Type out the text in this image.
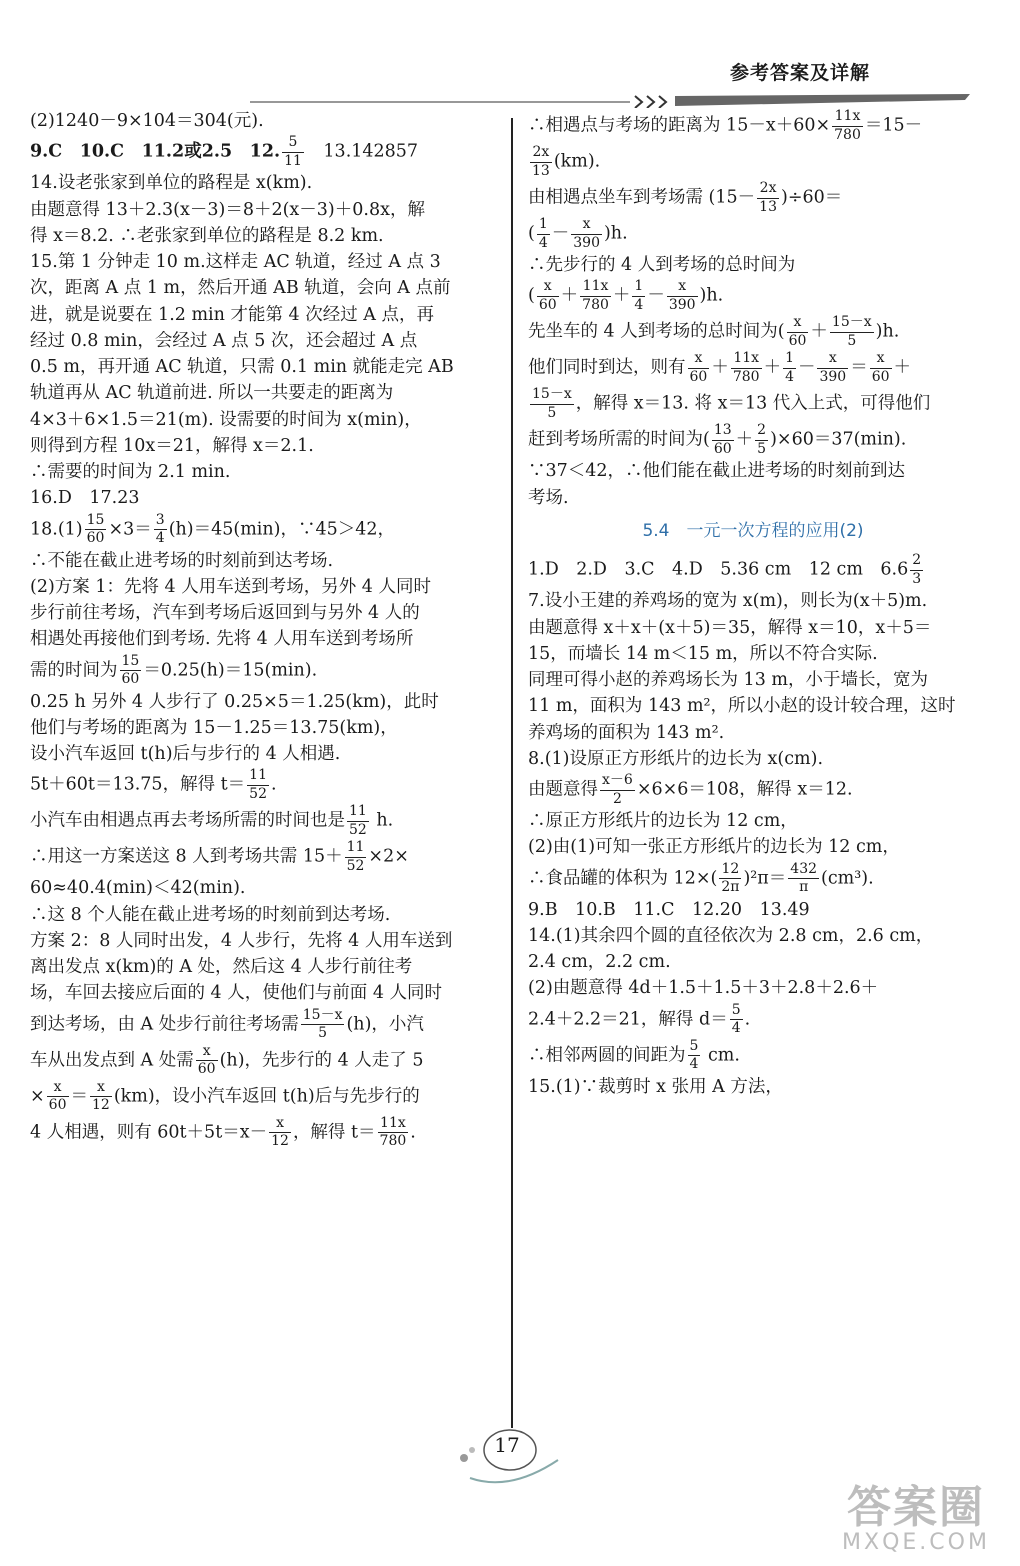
参考答案及详解
(2)1240－9×104＝304(元).
9.C　10.C　11.2或2.5　12. $\frac{5}{11}$ 　13.142857
14.设老张家到单位的路程是 x(km).
由题意得 13＋2.3(x－3)＝8＋2(x－3)＋0.8x，解
得 x＝8.2. ∴老张家到单位的路程是 8.2 km.
15.第 1 分钟走 10 m.这样走 AC 轨道，经过 A 点 3
次，距离 A 点 1 m，然后开通 AB 轨道，会向 A 点前
进，就是说要在 1.2 min 才能第 4 次经过 A 点，再
经过 0.8 min，会经过 A 点 5 次，还会超过 A 点
0.5 m，再开通 AC 轨道，只需 0.1 min 就能走完 AB
轨道再从 AC 轨道前进. 所以一共要走的距离为
4×3＋6×1.5＝21(m). 设需要的时间为 x(min)，
则得到方程 10x＝21，解得 x＝2.1.
∴需要的时间为 2.1 min.
16.D　17.23
$18.(1) \frac{15}{60} \times 3= \frac{3}{4} (h)=45(\min)$，∵45＞42，
∴不能在截止进考场的时刻前到达考场.
(2)方案 1：先将 4 人用车送到考场，另外 4 人同时
步行前往考场，汽车到考场后返回到与另外 4 人的
相遇处再接他们到考场. 先将 4 人用车送到考场所
需的时间为 $\frac{15}{60} =0.25(h)=15(\min)$.
0.25 h 另外 4 人步行了 0.25×5＝1.25(km)，此时
他们与考场的距离为 15－1.25＝13.75(km)，
设小汽车返回 t(h)后与步行的 4 人相遇.
5t＋60t＝13.75，解得 $t= \frac{11}{52}$ .
小汽车由相遇点再去考场所需的时间也是 $\frac{11}{52} h$.
∴用这一方案送这 8 人到考场共需 $15+ \frac{11}{52} \times 2\times$
60≈40.4(min)＜42(min).
∴这 8 个人能在截止进考场的时刻前到达考场.
方案 2：8 人同时出发，4 人步行，先将 4 人用车送到
离出发点 x(km)的 A 处，然后这 4 人步行前往考
场，车回去接应后面的 4 人，使他们与前面 4 人同时
到达考场，由 A 处步行前往考场需 $\frac{15-x}{5} (h)$，小汽
车从出发点到 A 处需 $\frac{x}{60} (h)$，先步行的 4 人走了 5
× $\frac{x}{60} = \frac{x}{12} (km)$，设小汽车返回 t(h)后与先步行的
4 人相遇，则有 $60t+5t=x- \frac{x}{12}$ ，解得 $t= \frac{11x}{780}$ .
∴相遇点与考场的距离为 $15-x+60\times \frac{11x}{780} =15-$
$\frac{2x}{13} (km)$.
由相遇点坐车到考场需 $(15- \frac{2x}{13} )\div 60=$
( $\frac{1}{4} - \frac{x}{390} )h$.
∴先步行的 4 人到考场的总时间为
( $\frac{x}{60} + \frac{11x}{780} + \frac{1}{4} - \frac{x}{390} )h$.
先坐车的 4 人到考场的总时间为( $\frac{x}{60} + \frac{15-x}{5} )h$.
他们同时到达，则有 $\frac{x}{60} + \frac{11x}{780} + \frac{1}{4} - \frac{x}{390} = \frac{x}{60}$ ＋
$\frac{15-x}{5}$ ，解得 x＝13. 将 x＝13 代入上式，可得他们
赶到考场所需的时间为( $\frac{13}{60} + \frac{2}{5} )\times 60=37(\min)$.
∵37＜42，∴他们能在截止进考场的时刻前到达
考场.
5.4　一元一次方程的应用(2)
1.D　2.D　3.C　4.D　5.36 cm　12 cm　$6.6 \frac{2}{3}$
7.设小王建的养鸡场的宽为 x(m)，则长为(x＋5)m.
由题意得 x＋x＋(x＋5)＝35，解得 x＝10，x＋5＝
15，而墙长 14 m＜15 m，所以不符合实际.
同理可得小赵的养鸡场长为 13 m，小于墙长，宽为
11 m，面积为 143 m²，所以小赵的设计较合理，这时
养鸡场的面积为 143 m².
8.(1)设原正方形纸片的边长为 x(cm).
由题意得 $\frac{x-6}{2} \times 6\times 6=108$，解得 x＝12.
∴原正方形纸片的边长为 12 cm，
(2)由(1)可知一张正方形纸片的边长为 12 cm，
∴食品罐的体积为 $12\times( \frac{12}{2\pi} )^2\pi= \frac{432}{\pi} (cm^3)$.
9.B　10.B　11.C　12.20　13.49
14.(1)其余四个圆的直径依次为 2.8 cm，2.6 cm，
2.4 cm，2.2 cm.
(2)由题意得 4d＋1.5＋1.5＋3＋2.8＋2.6＋
2.4＋2.2＝21，解得 $d= \frac{5}{4}$ .
∴相邻两圆的间距为 $\frac{5}{4}$ cm.
15.(1)∵裁剪时 x 张用 A 方法，
17
答案圈
MXQE.COM
